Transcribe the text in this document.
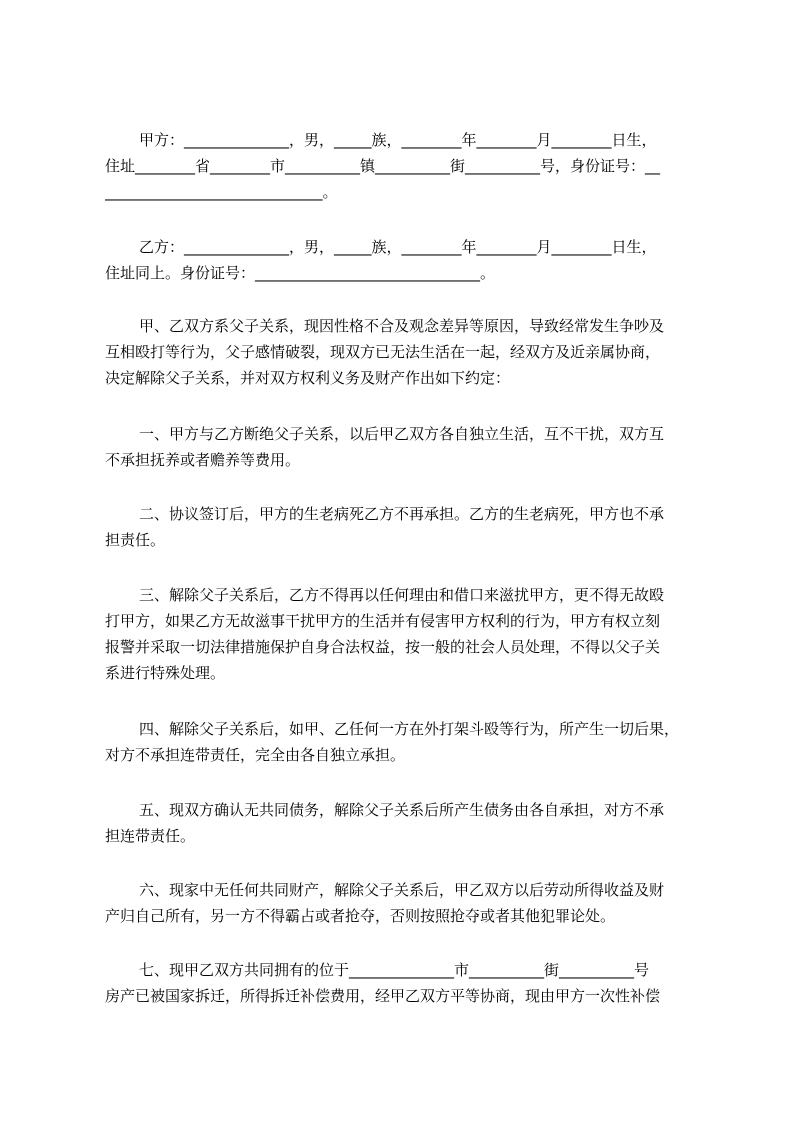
甲方：______________，男，_____族，________年________月________日生，
住址________省________市__________镇__________街__________号，身份证号：__
_____________________________。
乙方：______________，男，_____族，________年________月________日生，
住址同上。身份证号：______________________________。
甲、乙双方系父子关系，现因性格不合及观念差异等原因，导致经常发生争吵及
互相殴打等行为，父子感情破裂，现双方已无法生活在一起，经双方及近亲属协商，
决定解除父子关系，并对双方权利义务及财产作出如下约定：
一、甲方与乙方断绝父子关系，以后甲乙双方各自独立生活，互不干扰，双方互
不承担抚养或者赡养等费用。
二、协议签订后，甲方的生老病死乙方不再承担。乙方的生老病死，甲方也不承
担责任。
三、解除父子关系后，乙方不得再以任何理由和借口来滋扰甲方，更不得无故殴
打甲方，如果乙方无故滋事干扰甲方的生活并有侵害甲方权利的行为，甲方有权立刻
报警并采取一切法律措施保护自身合法权益，按一般的社会人员处理，不得以父子关
系进行特殊处理。
四、解除父子关系后，如甲、乙任何一方在外打架斗殴等行为，所产生一切后果，
对方不承担连带责任，完全由各自独立承担。
五、现双方确认无共同债务，解除父子关系后所产生债务由各自承担，对方不承
担连带责任。
六、现家中无任何共同财产，解除父子关系后，甲乙双方以后劳动所得收益及财
产归自己所有，另一方不得霸占或者抢夺，否则按照抢夺或者其他犯罪论处。
七、现甲乙双方共同拥有的位于______________市__________街__________号
房产已被国家拆迁，所得拆迁补偿费用，经甲乙双方平等协商，现由甲方一次性补偿
